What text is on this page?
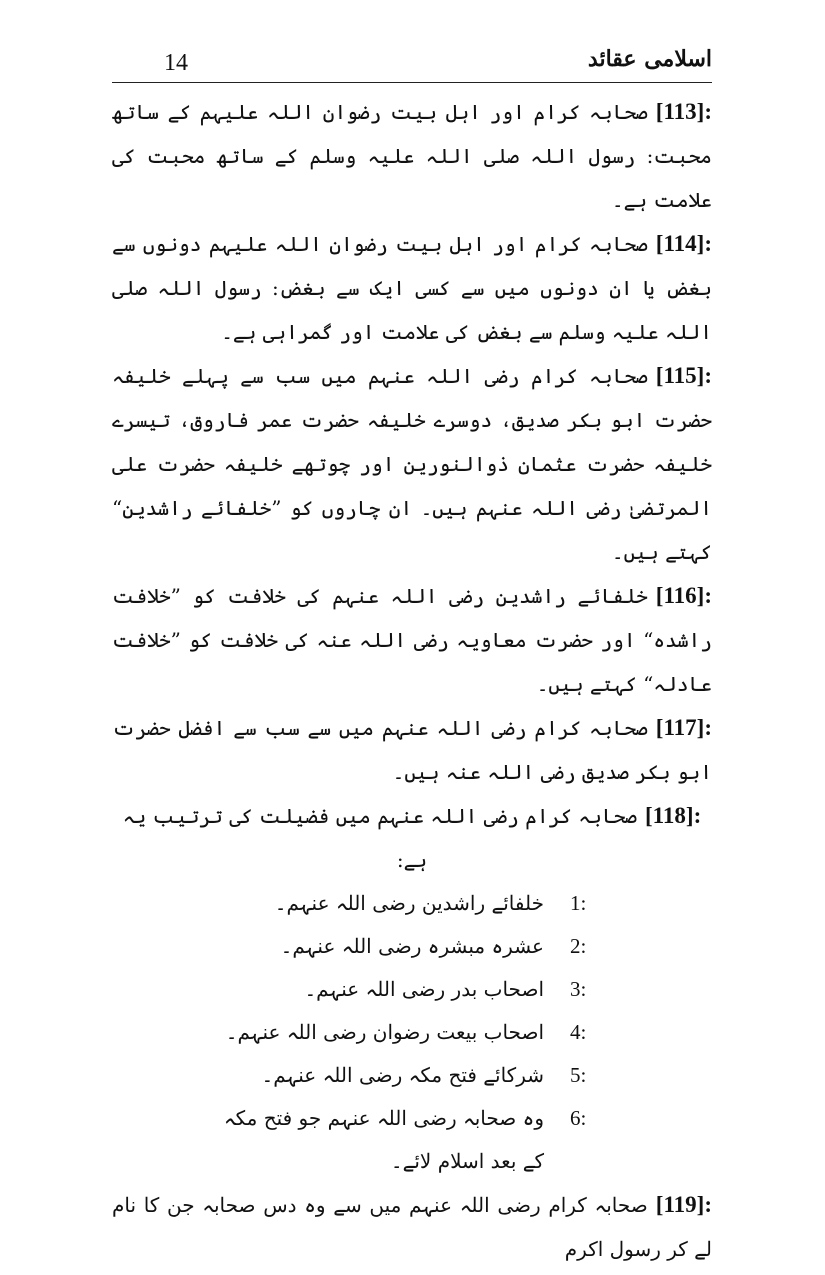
14	اسلامی عقائد

[113]:صحابہ کرام اور اہل بیت رضوان اللہ علیہم کے ساتھ محبت: رسول اللہ صلی اللہ علیہ وسلم کے ساتھ محبت کی علامت ہے۔

[114]:صحابہ کرام اور اہل بیت رضوان اللہ علیہم دونوں سے بغض یا ان دونوں میں سے کسی ایک سے بغض: رسول اللہ صلی اللہ علیہ وسلم سے بغض کی علامت اور گمراہی ہے۔

[115]:صحابہ کرام رضی اللہ عنہم میں سب سے پہلے خلیفہ حضرت ابو بکر صدیق، دوسرے خلیفہ حضرت عمر فاروق، تیسرے خلیفہ حضرت عثمان ذوالنورین اور چوتھے خلیفہ حضرت علی المرتضیٰ رضی اللہ عنہم ہیں۔ ان چاروں کو ”خلفائے راشدین“ کہتے ہیں۔

[116]:خلفائے راشدین رضی اللہ عنہم کی خلافت کو ”خلافت راشدہ“ اور حضرت معاویہ رضی اللہ عنہ کی خلافت کو ”خلافت عادلہ“ کہتے ہیں۔

[117]:صحابہ کرام رضی اللہ عنہم میں سے سب سے افضل حضرت ابو بکر صدیق رضی اللہ عنہ ہیں۔

[118]:صحابہ کرام رضی اللہ عنہم میں فضیلت کی ترتیب یہ ہے:

1:
خلفائے راشدین رضی اللہ عنہم۔
2:
عشرہ مبشرہ رضی اللہ عنہم۔
3:
اصحاب بدر رضی اللہ عنہم۔
4:
اصحاب بیعت رضوان رضی اللہ عنہم۔
5:
شرکائے فتح مکہ رضی اللہ عنہم۔
6:
وہ صحابہ رضی اللہ عنہم جو فتح مکہ کے بعد اسلام لائے۔

[119]:صحابہ کرام رضی اللہ عنہم میں سے وہ دس صحابہ جن کا نام لے کر رسول اکرم
